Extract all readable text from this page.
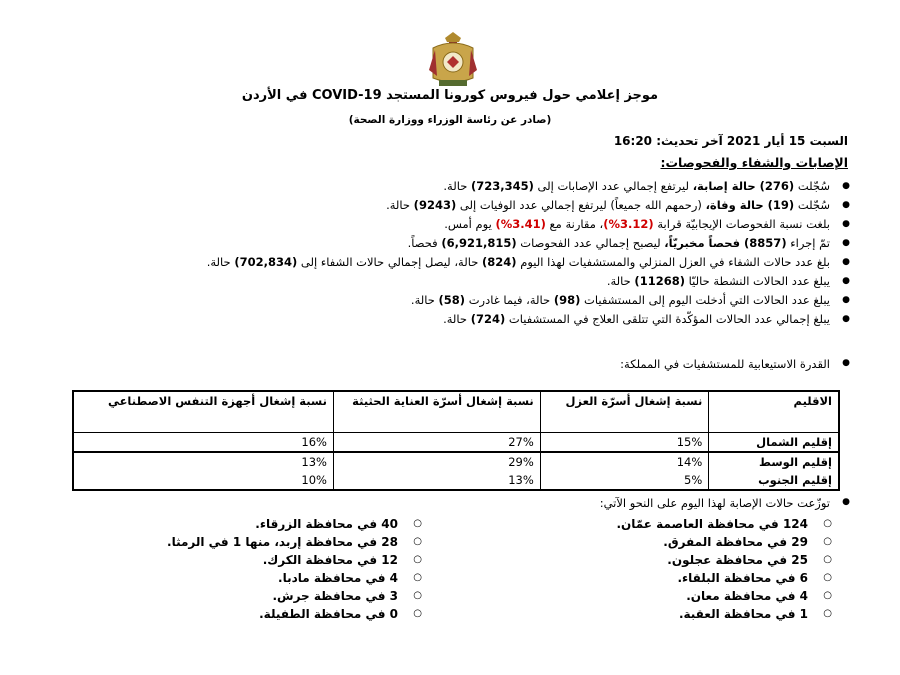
موجز إعلامي حول فيروس كورونا المستجد COVID-19 في الأردن
(صادر عن رئاسة الوزراء ووزارة الصحة)
السبت 15 أيار 2021 آخر تحديث: 16:20
الإصابات والشفاء والفحوصات:
● سُجّلت (276) حالة إصابة، ليرتفع إجمالي عدد الإصابات إلى (723,345) حالة.
● سُجّلت (19) حالة وفاة، (رحمهم الله جميعاً) ليرتفع إجمالي عدد الوفيات إلى (9243) حالة.
● بلغت نسبة الفحوصات الإيجابيّة قرابة (3.12%)، مقارنة مع (3.41%) يوم أمس.
● تمّ إجراء (8857) فحصاً مخبريّاً، ليصبح إجمالي عدد الفحوصات (6,921,815) فحصاً.
● بلغ عدد حالات الشفاء في العزل المنزلي والمستشفيات لهذا اليوم (824) حالة، ليصل إجمالي حالات الشفاء إلى (702,834) حالة.
● يبلغ عدد الحالات النشطة حاليّا (11268) حالة.
● يبلغ عدد الحالات التي أدخلت اليوم إلى المستشفيات (98) حالة، فيما غادرت (58) حالة.
● يبلغ إجمالي عدد الحالات المؤكّدة التي تتلقى العلاج في المستشفيات (724) حالة.
● القدرة الاستيعابية للمستشفيات في المملكة:
الاقليم	نسبة إشغال أسرّة العزل	نسبة إشغال أسرّة العناية الحثيثة	نسبة إشغال أجهزة التنفس الاصطناعي
إقليم الشمال	15%	27%	16%
إقليم الوسط	14%	29%	13%
إقليم الجنوب	5%	13%	10%
● توزّعت حالات الإصابة لهذا اليوم على النحو الآتي:
○ 124 في محافظة العاصمة عمّان.
○ 29 في محافظة المفرق.
○ 25 في محافظة عجلون.
○ 6 في محافظة البلقاء.
○ 4 في محافظة معان.
○ 1 في محافظة العقبة.
○ 40 في محافظة الزرقاء.
○ 28 في محافظة إربد، منها 1 في الرمثا.
○ 12 في محافظة الكرك.
○ 4 في محافظة مادبا.
○ 3 في محافظة جرش.
○ 0 في محافظة الطفيلة.
